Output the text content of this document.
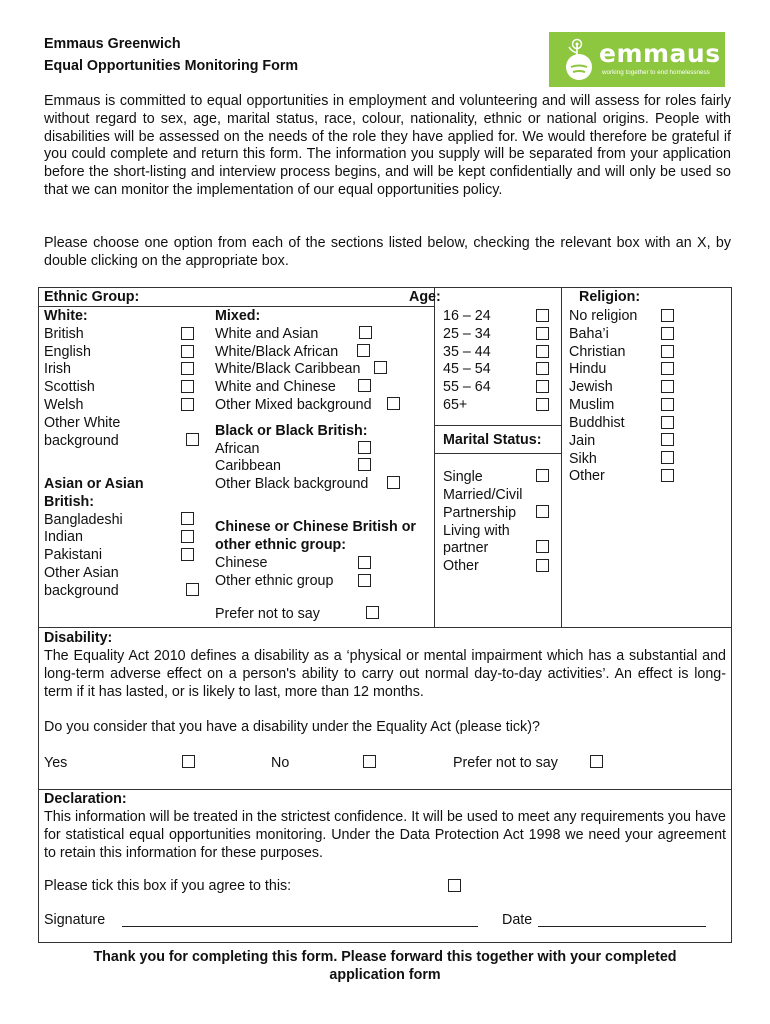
Emmaus Greenwich
Equal Opportunities Monitoring Form	emmaus
working together to end homelessness
Emmaus is committed to equal opportunities in employment and volunteering and will assess for roles fairly without regard to sex, age, marital status, race, colour, nationality, ethnic or national origins. People with disabilities will be assessed on the needs of the role they have applied for. We would therefore be grateful if you could complete and return this form. The information you supply will be separated from your application before the short-listing and interview process begins, and will be kept confidentially and will only be used so that we can monitor the implementation of our equal opportunities policy.
Please choose one option from each of the sections listed below, checking the relevant box with an X, by double clicking on the appropriate box.
Ethnic Group:
White:
British
English
Irish
Scottish
Welsh
Other White
background
Asian or Asian
British:
Bangladeshi
Indian
Pakistani
Other Asian
background
Mixed:
White and Asian
White/Black African
White/Black Caribbean
White and Chinese
Other Mixed background
Black or Black British:
African
Caribbean
Other Black background
Chinese or Chinese British or
other ethnic group:
Chinese
Other ethnic group
Prefer not to say
Age:
16 – 24
25 – 34
35 – 44
45 – 54
55 – 64
65+
Marital Status:
Single
Married/Civil
Partnership
Living with
partner
Other
Religion:
No religion
Baha’i
Christian
Hindu
Jewish
Muslim
Buddhist
Jain
Sikh
Other
Disability:
The Equality Act 2010 defines a disability as a ‘physical or mental impairment which has a substantial and long-term adverse effect on a person's ability to carry out normal day-to-day activities’. An effect is long-term if it has lasted, or is likely to last, more than 12 months.
Do you consider that you have a disability under the Equality Act (please tick)?
Yes	No	Prefer not to say
Declaration:
This information will be treated in the strictest confidence. It will be used to meet any requirements you have for statistical equal opportunities monitoring. Under the Data Protection Act 1998 we need your agreement to retain this information for these purposes.
Please tick this box if you agree to this:
Signature	Date
Thank you for completing this form. Please forward this together with your completed
application form
